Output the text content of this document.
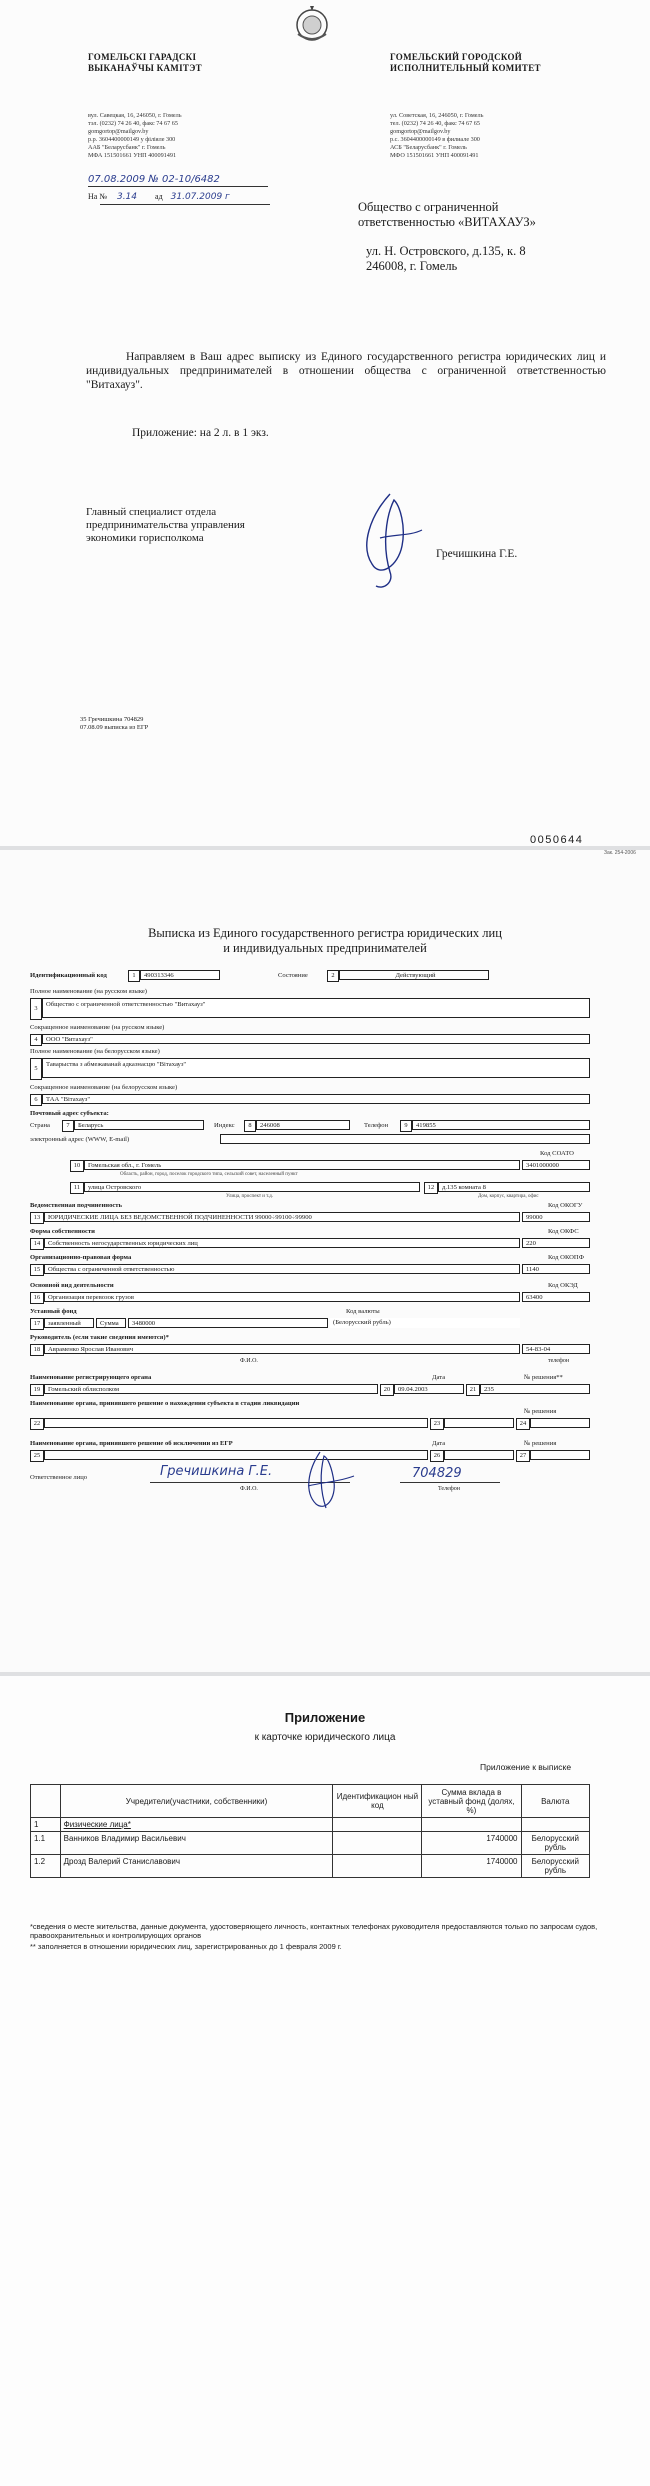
ГОМЕЛЬСКІ ГАРАДСКІ
ВЫКАНАЎЧЫ КАМІТЭТ
ГОМЕЛЬСКИЙ ГОРОДСКОЙ
ИСПОЛНИТЕЛЬНЫЙ КОМИТЕТ
вул. Савецкая, 16, 246050, г. Гомель
тэл. (0232) 74 26 40, факс 74 67 65
gomgortop@mailgov.by
р.р. 3604400000149 у філіяле 300
ААБ "Беларусбанк" г. Гомель
МФА 151501661 УНП 400091491
ул. Советская, 16, 246050, г. Гомель
тел. (0232) 74 26 40, факс 74 67 65
gomgortop@mailgov.by
р.с. 3604400000149 в филиале 300
АСБ "Беларусбанк" г. Гомель
МФО 151501661 УНП 400091491
07.08.2009 № 02-10/6482
На № 3.14 ад 31.07.2009 г
Общество с ограниченной
ответственностью «ВИТАХАУЗ»
ул. Н. Островского, д.135, к. 8
246008, г. Гомель
Направляем в Ваш адрес выписку из Единого государственного регистра юридических лиц и индивидуальных предпринимателей в отношении общества с ограниченной ответственностью "Витахауз".
Приложение: на 2 л. в 1 экз.
Главный специалист отдела
предпринимательства управления
экономики горисполкома
Гречишкина Г.Е.
35 Гречишкина 704829
07.08.09 выписка из ЕГР
0050644
Зак. 254-2006
Выписка из Единого государственного регистра юридических лиц
и индивидуальных предпринимателей
Идентификационный код	1	490313346	Состояние	2	Действующий
Полное наименование (на русском языке)
3
Общество с ограниченной ответственностью "Витахауз"
Сокращенное наименование (на русском языке)
4	ООО "Витахауз"
Полное наименование (на белорусском языке)
5
Таварыства з абмежаванай адказнасцю "Вітахауз"
Сокращенное наименование (на белорусском языке)
6	ТАА "Вітахауз"
Почтовый адрес субъекта:
Страна	7	Беларусь	Индекс	8	246008	Телефон	9	419855
электронный адрес (WWW, E-mail)
Код СОАТО
10	Гомельская обл., г. Гомель	3401000000
Область, район, город, поселок городского типа, сельский совет, населенный пункт
11	улица Островского	12	д.135 комната 8
Улица, проспект и т.д.	Дом, корпус, квартира, офис
Ведомственная подчиненность	Код ОКОГУ
13	ЮРИДИЧЕСКИЕ ЛИЦА БЕЗ ВЕДОМСТВЕННОЙ ПОДЧИНЕННОСТИ 99000÷99100÷99900	99000
Форма собственности	Код ОКФС
14	Собственность негосударственных юридических лиц	220
Организационно-правовая форма	Код ОКОПФ
15	Общества с ограниченной ответственностью	1140
Основной вид деятельности	Код ОКЭД
16	Организация перевозок грузов	63400
Уставный фонд	Код валюты
17	заявленный	Сумма	3480000	(Белорусский рубль)
Руководитель (если такие сведения имеются)*
18	Авраменко Ярослав Иванович	54-83-04
Ф.И.О.	телефон
Наименование регистрирующего органа	Дата	№ решения**
19	Гомельский облисполком	20	09.04.2003	21	235
Наименование органа, принявшего решение о нахождении субъекта в стадии ликвидации
№ решения
22	23	24
Наименование органа, принявшего решение об исключении из ЕГР	Дата	№ решения
25	26	27
Ответственное лицо	Гречишкина Г.Е.	704829
Ф.И.О.	Телефон
Приложение
к карточке юридического лица
Приложение к выписке
	Учредители(участники, собственники)	Идентификацион ный код	Сумма вклада в уставный фонд (долях, %)	Валюта
1	Физические лица*			
1.1	Ванников Владимир Васильевич		1740000	Белорусский рубль
1.2	Дрозд Валерий Станиславович		1740000	Белорусский рубль
*сведения о месте жительства, данные документа, удостоверяющего личность, контактных телефонах руководителя предоставляются только по запросам судов, правоохранительных и контролирующих органов
** заполняется в отношении юридических лиц, зарегистрированных до 1 февраля 2009 г.
